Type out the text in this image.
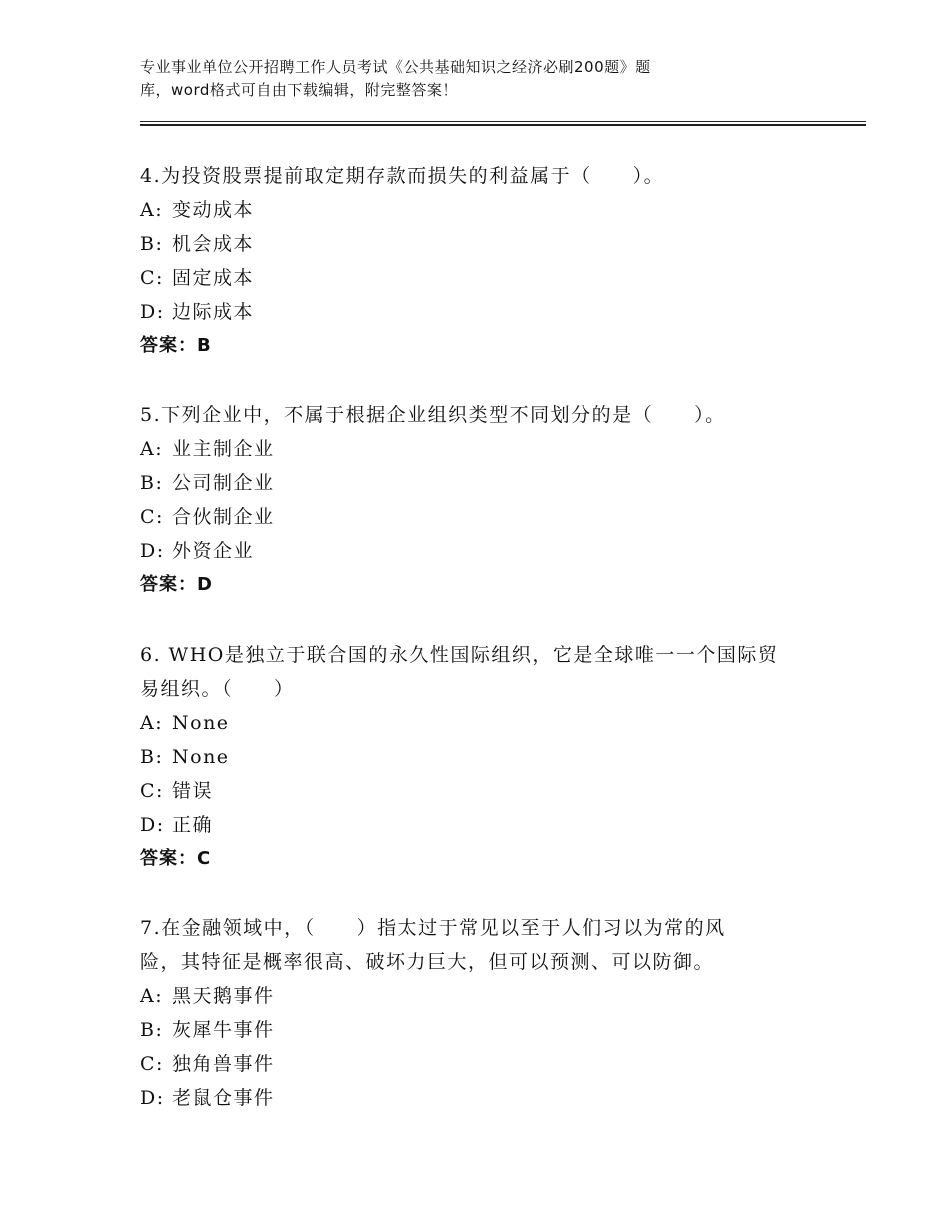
专业事业单位公开招聘工作人员考试《公共基础知识之经济必刷200题》题
库，word格式可自由下载编辑，附完整答案！

4.为投资股票提前取定期存款而损失的利益属于（　　）。

A: 变动成本

B: 机会成本

C: 固定成本

D: 边际成本

答案：B

5.下列企业中，不属于根据企业组织类型不同划分的是（　　）。

A: 业主制企业

B: 公司制企业

C: 合伙制企业

D: 外资企业

答案：D

6. WHO是独立于联合国的永久性国际组织，它是全球唯一一个国际贸

易组织。（　　）

A: None

B: None

C: 错误

D: 正确

答案：C

7.在金融领域中，（　　）指太过于常见以至于人们习以为常的风

险，其特征是概率很高、破坏力巨大，但可以预测、可以防御。

A: 黑天鹅事件

B: 灰犀牛事件

C: 独角兽事件

D: 老鼠仓事件
